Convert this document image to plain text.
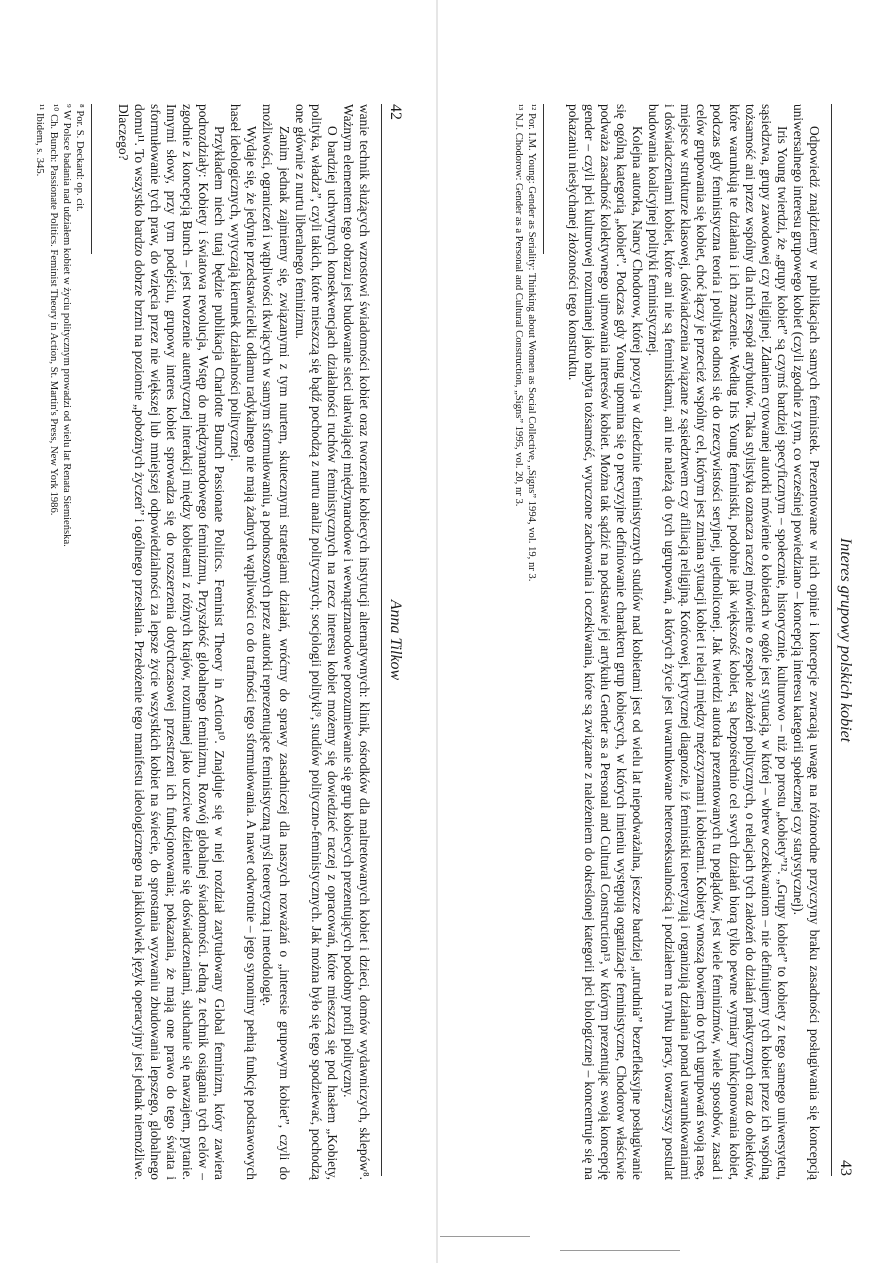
42
Anna Tilkow

wanie technik służących wzrostowi świadomości kobiet oraz tworzenie kobiecych instytucji alternatywnych: klinik, ośrodków dla maltretowanych kobiet i dzieci, domów wydawniczych, sklepów⁸. Ważnym elementem tego obrazu jest budowanie sieci ułatwiającej międzynarodowe i wewnątrznarodowe porozumiewanie się grup kobiecych prezentujących podobny profil polityczny.

O bardziej uchwytnych konsekwencjach działalności ruchów feministycznych na rzecz interesu kobiet możemy się dowiedzieć raczej z opracowań, które mieszczą się pod hasłem „Kobiety, polityka, władza”, czyli takich, które mieszczą się bądź pochodzą z nurtu analiz politycznych; socjologii polityki⁹, studiów polityczno-feministycznych. Jak można było się tego spodziewać, pochodzą one głównie z nurtu liberalnego feminizmu.

Zanim jednak zajmiemy się, związanymi z tym nurtem, skutecznymi strategiami działań, wróćmy do sprawy zasadniczej dla naszych rozważań o „interesie grupowym kobiet”, czyli do możliwości, ograniczeń i wątpliwości tkwiących w samym sformułowaniu, a podnoszonych przez autorki reprezentujące feministyczną myśl teoretyczną i metodologię.

Wydaje się, że jedynie przedstawicielki odłamu radykalnego nie mają żadnych wątpliwości co do trafności tego sformułowania. A nawet odwrotnie – jego synonimy pełnią funkcję podstawowych haseł ideologicznych, wytyczają kierunek działalności politycznej.

Przykładem niech tutaj będzie publikacja Charlotte Bunch Passionate Politics. Feminist Theory in Action¹⁰. Znajduje się w niej rozdział zatytułowany Global feminizm, który zawiera podrozdziały: Kobiety i światowa rewolucja, Wstęp do międzynarodowego feminizmu, Przyszłość globalnego feminizmu, Rozwój globalnej świadomości. Jedną z technik osiągania tych celów – zgodnie z koncepcją Bunch – jest tworzenie autentycznej interakcji między kobietami z różnych krajów, rozumianej jako uczciwe dzielenie się doświadczeniami, słuchanie się nawzajem, pytanie. Innymi słowy, przy tym podejściu, grupowy interes kobiet sprowadza się do rozszerzenia dotychczasowej przestrzeni ich funkcjonowania; pokazania, że mają one prawo do tego świata i sformułowanie tych praw, do wzięcia przez nie większej lub mniejszej odpowiedzialności za lepsze życie wszystkich kobiet na świecie, do sprostania wyzwaniu zbudowania lepszego, globalnego domu¹¹. To wszystko bardzo dobrze brzmi na poziomie „pobożnych życzeń” i ogólnego przesłania. Przełożenie tego manifestu ideologicznego na jakikolwiek język operacyjny jest jednak niemożliwe. Dlaczego?

⁸ Por. S. Deckard: op. cit.

⁹ W Polsce badania nad udziałem kobiet w życiu politycznym prowadzi od wielu lat Renata Siemieńska.

¹⁰ Ch. Bunch: Passionate Politics. Feminist Theory in Action, St. Martin's Press, New York 1986.

¹¹ Ibidem, s. 345.

Interes grupowy polskich kobiet
43

Odpowiedź znajdziemy w publikacjach samych feministek. Prezentowane w nich opinie i koncepcje zwracają uwagę na różnorodne przyczyny braku zasadności posługiwania się koncepcją uniwersalnego interesu grupowego kobiet (czyli zgodnie z tym, co wcześniej powiedziano – koncepcją interesu kategorii społecznej czy statystycznej).

Iris Young twierdzi, że „grupy kobiet” są czymś bardziej specyficznym – społecznie, historycznie, kulturowo – niż po prostu „kobiety”¹². „Grupy kobiet” to kobiety z tego samego uniwersytetu, sąsiedztwa, grupy zawodowej czy religijnej. Zdaniem cytowanej autorki mówienie o kobietach w ogóle jest sytuacją, w której – wbrew oczekiwaniom – nie definiujemy tych kobiet przez ich wspólną tożsamość ani przez wspólny dla nich zespół atrybutów. Taka stylistyka oznacza raczej mówienie o zespole założeń politycznych, o relacjach tych założeń do działań praktycznych oraz do obiektów, które warunkują te działania i ich znaczenie. Według Iris Young feministki, podobnie jak większość kobiet, są bezpośrednio cel swych działań biorą tylko pewne wymiary funkcjonowania kobiet, podczas gdy feministyczna teoria i polityka odnosi się do rzeczywistości seryjnej, ujednoliconej. Jak twierdzi autorka prezentowanych tu poglądów, jest wiele feminizmów, wiele sposobów, zasad i celów grupowania się kobiet, choć łączy je przecież wspólny cel, którym jest zmiana sytuacji kobiet i relacji między mężczyznami i kobietami. Kobiety wnoszą bowiem do tych ugrupowań swoją rasę, miejsce w strukturze klasowej, doświadczenia związane z sąsiedztwem czy afiliacją religijną. Końcowej, krytycznej diagnozie, iż feministki teoretyzują i organizują działania ponad uwarunkowaniami i doświadczeniami kobiet, które ani nie są feministkami, ani nie należą do tych ugrupowań, a których życie jest uwarunkowane heteroseksualnością i podziałem na rynku pracy, towarzyszy postulat budowania koalicyjnej polityki feministycznej.

Kolejna autorka, Nancy Chodorow, której pozycja w dziedzinie feministycznych studiów nad kobietami jest od wielu lat niepodważalna, jeszcze bardziej „utrudnia” bezrefleksyjne posługiwanie się ogólną kategorią „kobiet”. Podczas gdy Young upomina się o precyzyjne definiowanie charakteru grup kobiecych, w których imieniu występują organizacje feministyczne, Chodorow właściwie podważa zasadność kolektywnego ujmowania interesów kobiet. Można tak sądzić na podstawie jej artykułu Gender as a Personal and Cultural Construction¹³, w którym prezentując swoją koncepcję gender – czyli płci kulturowej rozumianej jako nabyta tożsamość, wyuczone zachowania i oczekiwania, które są związane z należeniem do określonej kategorii płci biologicznej – koncentruje się na pokazaniu niesłychanej złożoności tego konstruktu.

¹² Por. I.M. Young: Gender as Seriality: Thinking about Women as Social Collective, „Signs” 1994, vol. 19, nr 3.

¹³ N.J. Chodorow: Gender as a Personal and Cultural Construction, „Signs” 1995, vol. 20, nr 3.
